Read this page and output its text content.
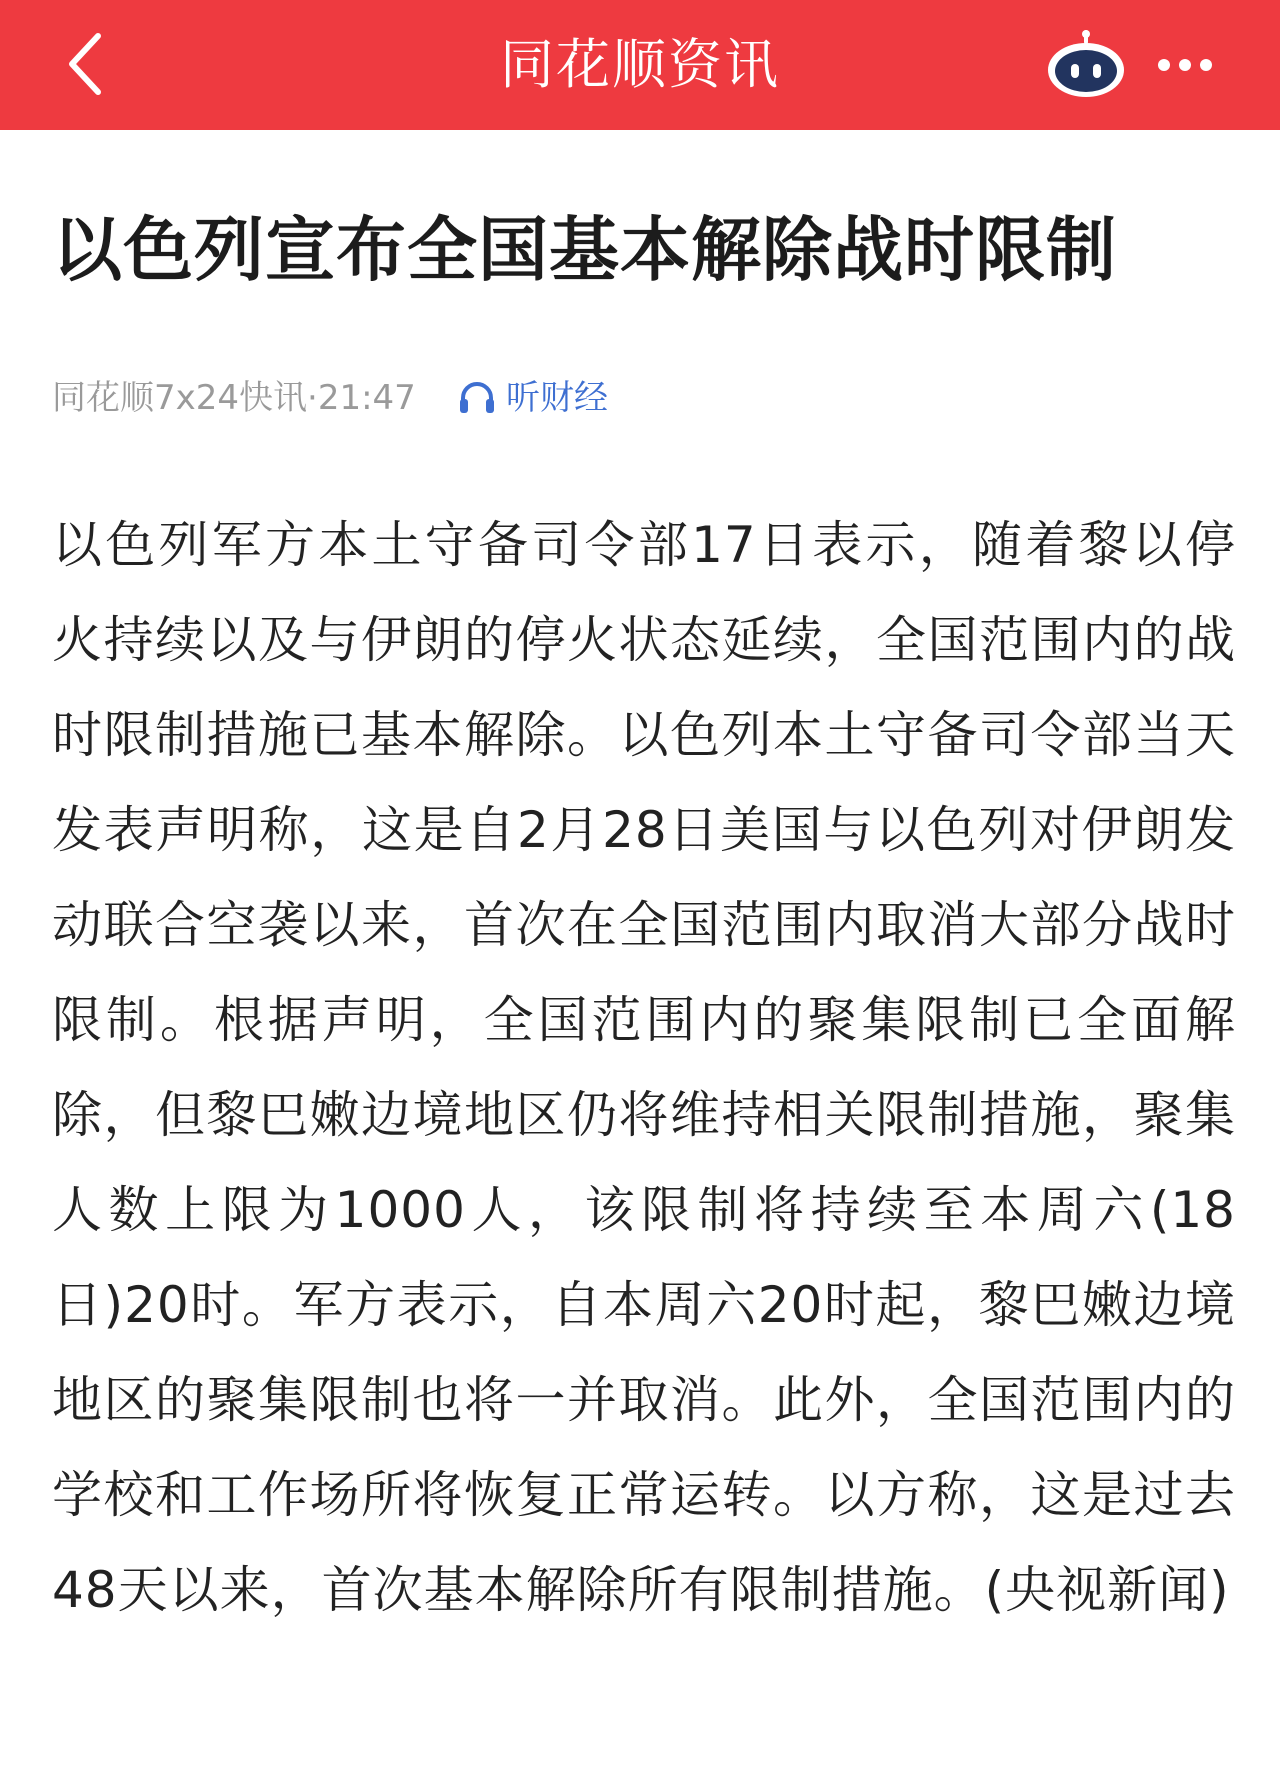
同花顺资讯
以色列宣布全国基本解除战时限制
同花顺7x24快讯·21:47	听财经

以色列军方本土守备司令部17日表示，随着黎以停火持续以及与伊朗的停火状态延续，全国范围内的战时限制措施已基本解除。以色列本土守备司令部当天发表声明称，这是自2月28日美国与以色列对伊朗发动联合空袭以来，首次在全国范围内取消大部分战时限制。根据声明，全国范围内的聚集限制已全面解除，但黎巴嫩边境地区仍将维持相关限制措施，聚集人数上限为1000人，该限制将持续至本周六(18日)20时。军方表示，自本周六20时起，黎巴嫩边境地区的聚集限制也将一并取消。此外，全国范围内的学校和工作场所将恢复正常运转。以方称，这是过去48天以来，首次基本解除所有限制措施。(央视新闻)
